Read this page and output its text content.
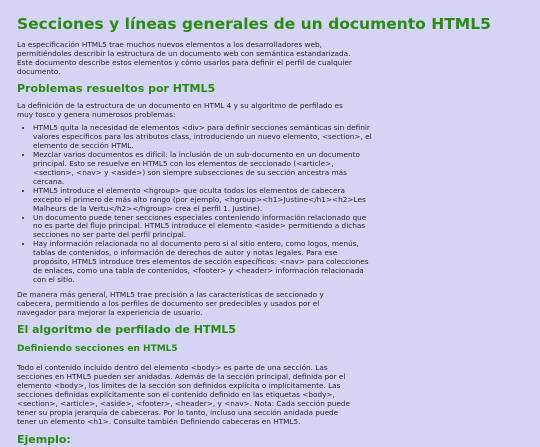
Secciones y líneas generales de un documento HTML5

La especificación HTML5 trae muchos nuevos elementos a los desarrolladores web, permitiéndoles describir la estructura de un documento web con semántica estandarizada. Este documento describe estos elementos y cómo usarlos para definir el perfil de cualquier documento.

Problemas resueltos por HTML5

La definición de la estructura de un documento en HTML 4 y su algoritmo de perfilado es muy tosco y genera numerosos problemas:

• HTML5 quita la necesidad de elementos <div> para definir secciones semánticas sin definir valores específicos para los atributos class, introduciendo un nuevo elemento, <section>, el elemento de sección HTML.
• Mezclar varios documentos es difícil: la inclusión de un sub-documento en un documento principal. Esto se resuelve en HTML5 con los elementos de seccionado (<article>, <section>, <nav> y <aside>) son siempre subsecciones de su sección ancestra más cercana.
• HTML5 introduce el elemento <hgroup> que oculta todos los elementos de cabecera excepto el primero de más alto rango (por ejemplo, <hgroup><h1>Justine</h1><h2>Les Malheurs de la Vertu</h2></hgroup> crea el perfil 1. Justine).
• Un documento puede tener secciones especiales conteniendo información relacionado que no es parte del flujo principal. HTML5 introduce el elemento <aside> permitiendo a dichas secciones no ser parte del perfil principal.
• Hay información relacionada no al documento pero si al sitio entero, como logos, menús, tablas de contenidos, o información de derechos de autor y notas legales. Para ese propósito, HTML5 introduce tres elementos de sección específicos: <nav> para colecciones de enlaces, como una tabla de contenidos, <footer> y <header> información relacionada con el sitio.

De manera más general, HTML5 trae precisión a las características de seccionado y cabecera, permitiendo a los perfiles de documento ser predecibles y usados por el navegador para mejorar la experiencia de usuario.

El algoritmo de perfilado de HTML5
Definiendo secciones en HTML5

Todo el contenido incluido dentro del elemento <body> es parte de una sección. Las secciones en HTML5 pueden ser anidadas. Además de la sección principal, definida por el elemento <body>, los límites de la sección son definidos explícita o implícitamente. Las secciones definidas explícitamente son el contenido definido en las etiquetas <body>, <section>, <article>, <aside>, <footer>, <header>, y <nav>. Nota: Cada sección puede tener su propia jerarquía de cabeceras. Por lo tanto, incluso una sección anidada puede tener un elemento <h1>. Consulte también Definiendo cabeceras en HTML5.

Ejemplo:
